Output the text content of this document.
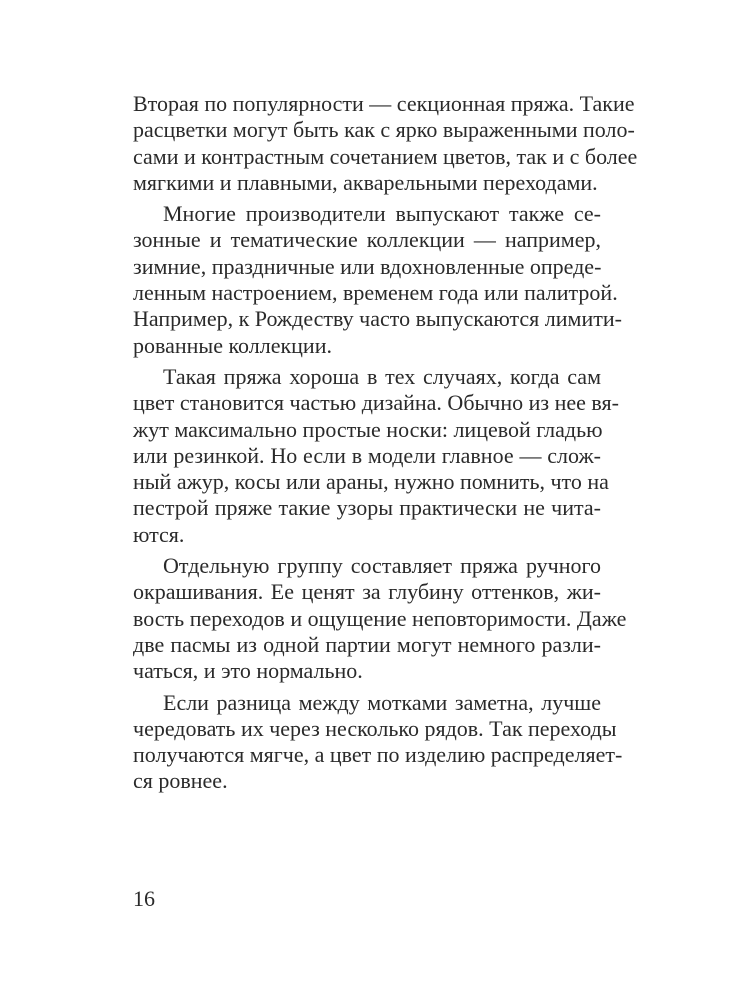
Вторая по популярности — секционная пряжа. Такие
расцветки могут быть как с ярко выраженными поло-
сами и контрастным сочетанием цветов, так и с более
мягкими и плавными, акварельными переходами.
Многие производители выпускают также се-
зонные и тематические коллекции — например,
зимние, праздничные или вдохновленные опреде-
ленным настроением, временем года или палитрой.
Например, к Рождеству часто выпускаются лимити-
рованные коллекции.
Такая пряжа хороша в тех случаях, когда сам
цвет становится частью дизайна. Обычно из нее вя-
жут максимально простые носки: лицевой гладью
или резинкой. Но если в модели главное — слож-
ный ажур, косы или араны, нужно помнить, что на
пестрой пряже такие узоры практически не чита-
ются.
Отдельную группу составляет пряжа ручного
окрашивания. Ее ценят за глубину оттенков, жи-
вость переходов и ощущение неповторимости. Даже
две пасмы из одной партии могут немного разли-
чаться, и это нормально.
Если разница между мотками заметна, лучше
чередовать их через несколько рядов. Так переходы
получаются мягче, а цвет по изделию распределяет-
ся ровнее.
16
